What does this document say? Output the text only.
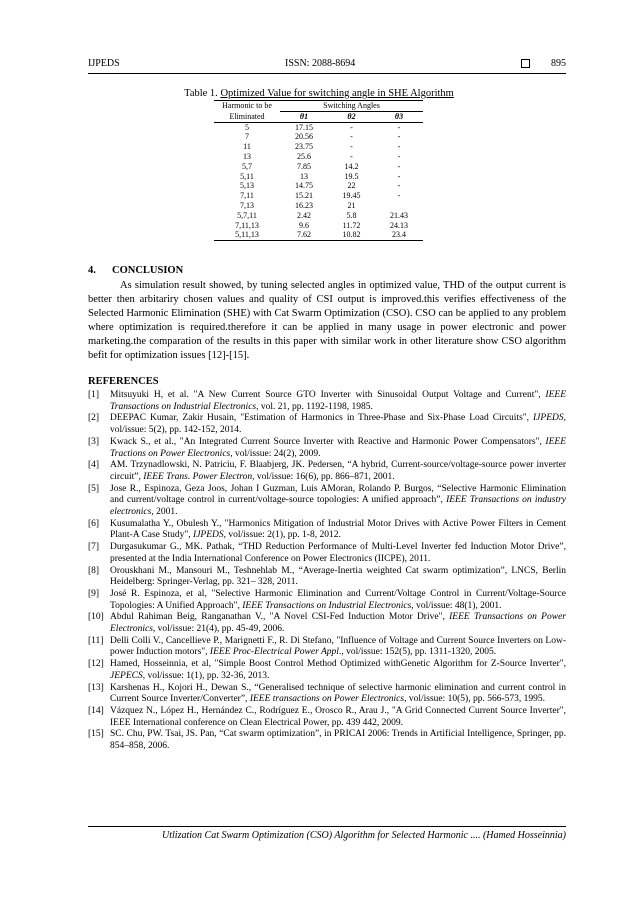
IJPEDS	ISSN: 2088-8694	895
Table 1. Optimized Value for switching angle in SHE Algorithm
Harmonic to be	Switching Angles		
Eliminated	θ1	θ2	θ3
5	17.15	-	-
7	20.56	-	-
11	23.75	-	-
13	25.6	-	-
5,7	7.85	14.2	-
5,11	13	19.5	-
5,13	14.75	22	-
7,11	15.21	19.45	-
7,13	16.23	21	
5,7,11	2.42	5.8	21.43
7,11,13	9.6	11.72	24.13
5,11,13	7.62	10.82	23.4
4. CONCLUSION

As simulation result showed, by tuning selected angles in optimized value, THD of the output current is better then arbitariry chosen values and quality of CSI output is improved.this verifies effectiveness of the Selected Harmonic Elimination (SHE) with Cat Swarm Optimization (CSO). CSO can be applied to any problem where optimization is required.therefore it can be applied in many usage in power electronic and power marketing.the comparation of the results in this paper with similar work in other literature show CSO algorithm befit for optimization issues [12]-[15].

REFERENCES
[1] Mitsuyuki H, et al. "A New Current Source GTO Inverter with Sinusoidal Output Voltage and Current", IEEE Transactions on Industrial Electronics, vol. 21, pp. 1192-1198, 1985.
[2] DEEPAC Kumar, Zakir Husain, "Estimation of Harmonics in Three-Phase and Six-Phase Load Circuits", IJPEDS, vol/issue: 5(2), pp. 142-152, 2014.
[3] Kwack S., et al., "An Integrated Current Source Inverter with Reactive and Harmonic Power Compensators", IEEE Tractions on Power Electronics, vol/issue: 24(2), 2009.
[4] AM. Trzynadlowski, N. Patriciu, F. Blaabjerg, JK. Pedersen, “A hybrid, Current-source/voltage-source power inverter circuit”, IEEE Trans. Power Electron, vol/issue: 16(6), pp. 866–871, 2001.
[5] Jose R., Espinoza, Geza Joos, Johan I Guzman, Luis AMoran, Rolando P. Burgos, “Selective Harmonic Elimination and current/voltage control in current/voltage-source topologies: A unified approach”, IEEE Transactions on industry electronics, 2001.
[6] Kusumalatha Y., Obulesh Y., "Harmonics Mitigation of Industrial Motor Drives with Active Power Filters in Cement Plant-A Case Study", IJPEDS, vol/issue: 2(1), pp. 1-8, 2012.
[7] Durgasukumar G., MK. Pathak, “THD Reduction Performance of Multi-Level Inverter fed Induction Motor Drive”, presented at the India International Conference on Power Electronics (IICPE), 2011.
[8] Orouskhani M., Mansouri M., Teshnehlab M., “Average-Inertia weighted Cat swarm optimization”, LNCS, Berlin Heidelberg: Springer-Verlag, pp. 321– 328, 2011.
[9] José R. Espinoza, et al, "Selective Harmonic Elimination and Current/Voltage Control in Current/Voltage-Source Topologies: A Unified Approach", IEEE Transactions on Industrial Electronics, vol/issue: 48(1), 2001.
[10] Abdul Rahiman Beig, Ranganathan V., "A Novel CSI-Fed Induction Motor Drive", IEEE Transactions on Power Electronics, vol/issue: 21(4), pp. 45-49, 2006.
[11] Delli Colli V., Cancellieve P., Marignetti F., R. Di Stefano, "Influence of Voltage and Current Source Inverters on Low-power Induction motors", IEEE Proc-Electrical Power Appl., vol/issue: 152(5), pp. 1311-1320, 2005.
[12] Hamed, Hosseinnia, et al, "Simple Boost Control Method Optimized withGenetic Algorithm for Z-Source Inverter", JEPECS, vol/issue: 1(1), pp. 32-36, 2013.
[13] Karshenas H., Kojori H., Dewan S., “Generalised technique of selective harmonic elimination and current control in Current Source Inverter/Converter”, IEEE transactions on Power Electronics, vol/issue: 10(5), pp. 566-573, 1995.
[14] Vázquez N., López H., Hernández C., Rodríguez E., Orosco R., Arau J., "A Grid Connected Current Source Inverter", IEEE International conference on Clean Electrical Power, pp. 439 442, 2009.
[15] SC. Chu, PW. Tsai, JS. Pan, “Cat swarm optimization”, in PRICAI 2006: Trends in Artificial Intelligence, Springer, pp. 854–858, 2006.
Utlization Cat Swarm Optimization (CSO) Algorithm for Selected Harmonic .... (Hamed Hosseinnia)
